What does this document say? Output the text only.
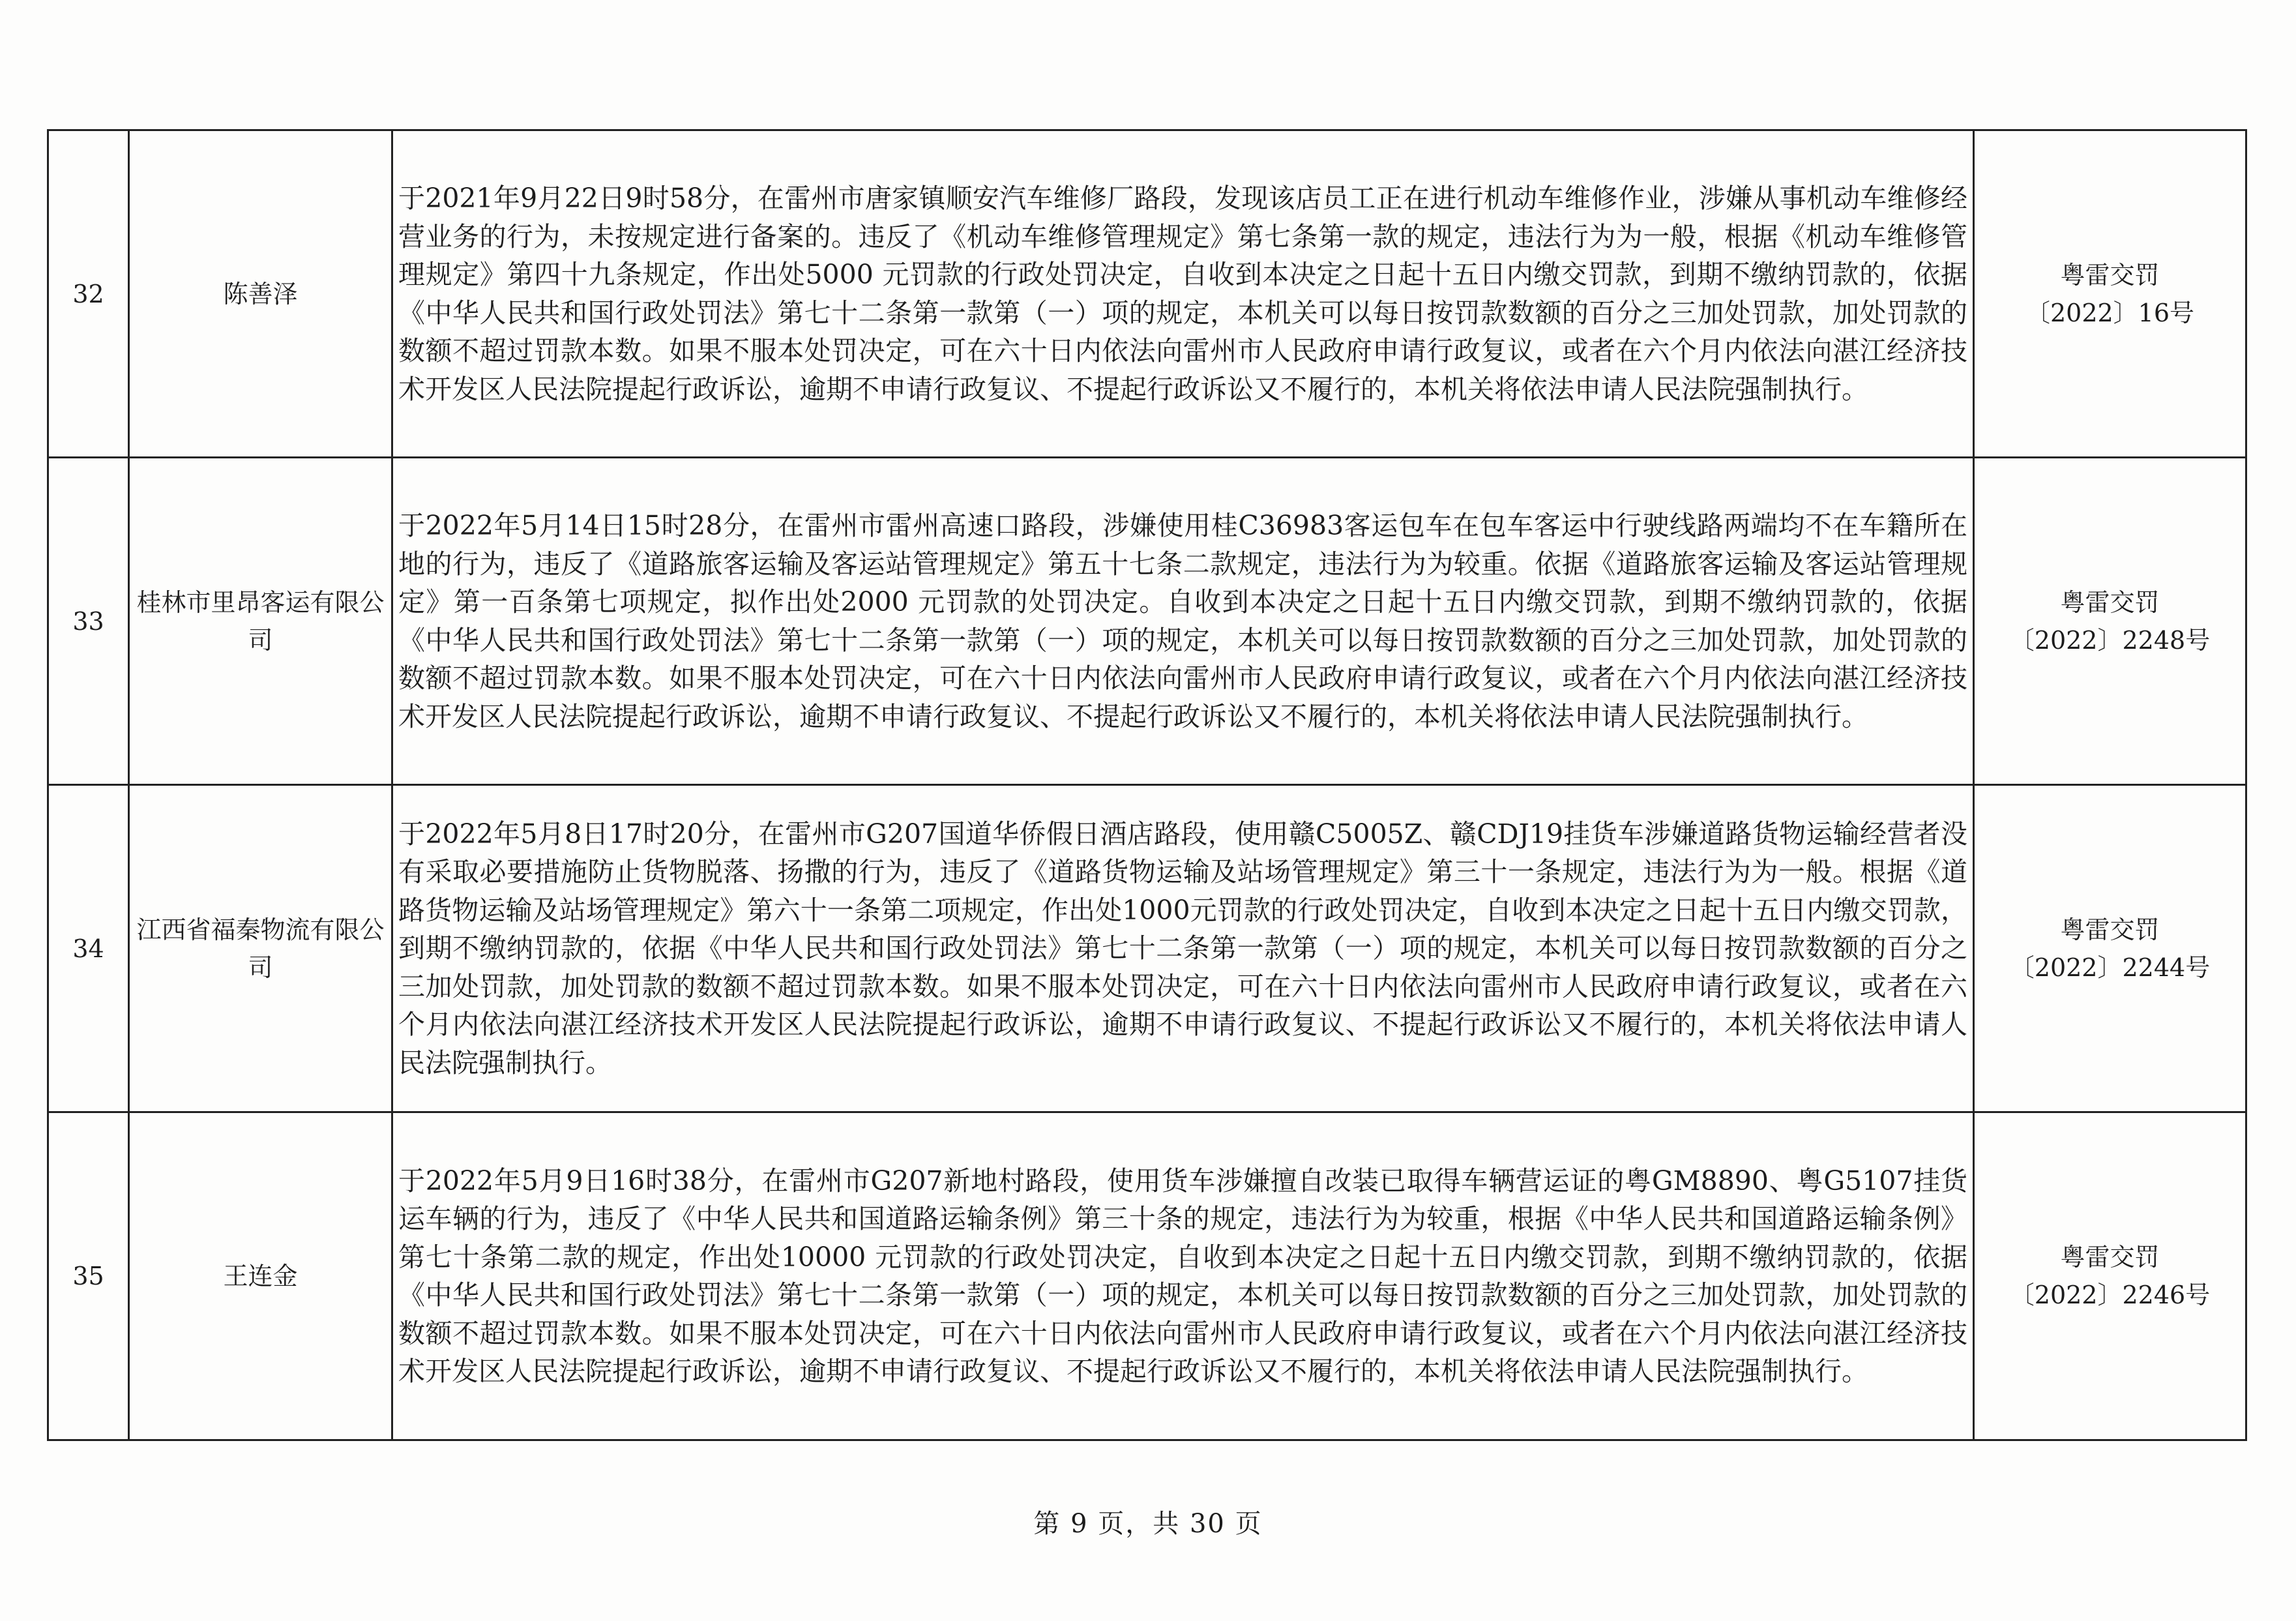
32	陈善泽	于2021年9月22日9时58分，在雷州市唐家镇顺安汽车维修厂路段，发现该店员工正在进行机动车维修作业，涉嫌从事机动车维修经营业务的行为，未按规定进行备案的。违反了《机动车维修管理规定》第七条第一款的规定，违法行为为一般，根据《机动车维修管理规定》第四十九条规定，作出处5000 元罚款的行政处罚决定，自收到本决定之日起十五日内缴交罚款，到期不缴纳罚款的，依据《中华人民共和国行政处罚法》第七十二条第一款第（一）项的规定，本机关可以每日按罚款数额的百分之三加处罚款，加处罚款的数额不超过罚款本数。如果不服本处罚决定，可在六十日内依法向雷州市人民政府申请行政复议，或者在六个月内依法向湛江经济技术开发区人民法院提起行政诉讼，逾期不申请行政复议、不提起行政诉讼又不履行的，本机关将依法申请人民法院强制执行。	粤雷交罚
〔2022〕16号

33	桂林市里昂客运有限公司	于2022年5月14日15时28分，在雷州市雷州高速口路段，涉嫌使用桂C36983客运包车在包车客运中行驶线路两端均不在车籍所在地的行为，违反了《道路旅客运输及客运站管理规定》第五十七条二款规定，违法行为为较重。依据《道路旅客运输及客运站管理规定》第一百条第七项规定，拟作出处2000 元罚款的处罚决定。自收到本决定之日起十五日内缴交罚款，到期不缴纳罚款的，依据《中华人民共和国行政处罚法》第七十二条第一款第（一）项的规定，本机关可以每日按罚款数额的百分之三加处罚款，加处罚款的数额不超过罚款本数。如果不服本处罚决定，可在六十日内依法向雷州市人民政府申请行政复议，或者在六个月内依法向湛江经济技术开发区人民法院提起行政诉讼，逾期不申请行政复议、不提起行政诉讼又不履行的，本机关将依法申请人民法院强制执行。	粤雷交罚
〔2022〕2248号

34	江西省福秦物流有限公司	于2022年5月8日17时20分，在雷州市G207国道华侨假日酒店路段，使用赣C5005Z、赣CDJ19挂货车涉嫌道路货物运输经营者没有采取必要措施防止货物脱落、扬撒的行为，违反了《道路货物运输及站场管理规定》第三十一条规定，违法行为为一般。根据《道路货物运输及站场管理规定》第六十一条第二项规定，作出处1000元罚款的行政处罚决定，自收到本决定之日起十五日内缴交罚款，到期不缴纳罚款的，依据《中华人民共和国行政处罚法》第七十二条第一款第（一）项的规定，本机关可以每日按罚款数额的百分之三加处罚款，加处罚款的数额不超过罚款本数。如果不服本处罚决定，可在六十日内依法向雷州市人民政府申请行政复议，或者在六个月内依法向湛江经济技术开发区人民法院提起行政诉讼，逾期不申请行政复议、不提起行政诉讼又不履行的，本机关将依法申请人民法院强制执行。	粤雷交罚
〔2022〕2244号

35	王连金	于2022年5月9日16时38分，在雷州市G207新地村路段，使用货车涉嫌擅自改装已取得车辆营运证的粤GM8890、粤G5107挂货运车辆的行为，违反了《中华人民共和国道路运输条例》第三十条的规定，违法行为为较重，根据《中华人民共和国道路运输条例》第七十条第二款的规定，作出处10000 元罚款的行政处罚决定，自收到本决定之日起十五日内缴交罚款，到期不缴纳罚款的，依据《中华人民共和国行政处罚法》第七十二条第一款第（一）项的规定，本机关可以每日按罚款数额的百分之三加处罚款，加处罚款的数额不超过罚款本数。如果不服本处罚决定，可在六十日内依法向雷州市人民政府申请行政复议，或者在六个月内依法向湛江经济技术开发区人民法院提起行政诉讼，逾期不申请行政复议、不提起行政诉讼又不履行的，本机关将依法申请人民法院强制执行。	粤雷交罚
〔2022〕2246号
第 9 页，共 30 页
